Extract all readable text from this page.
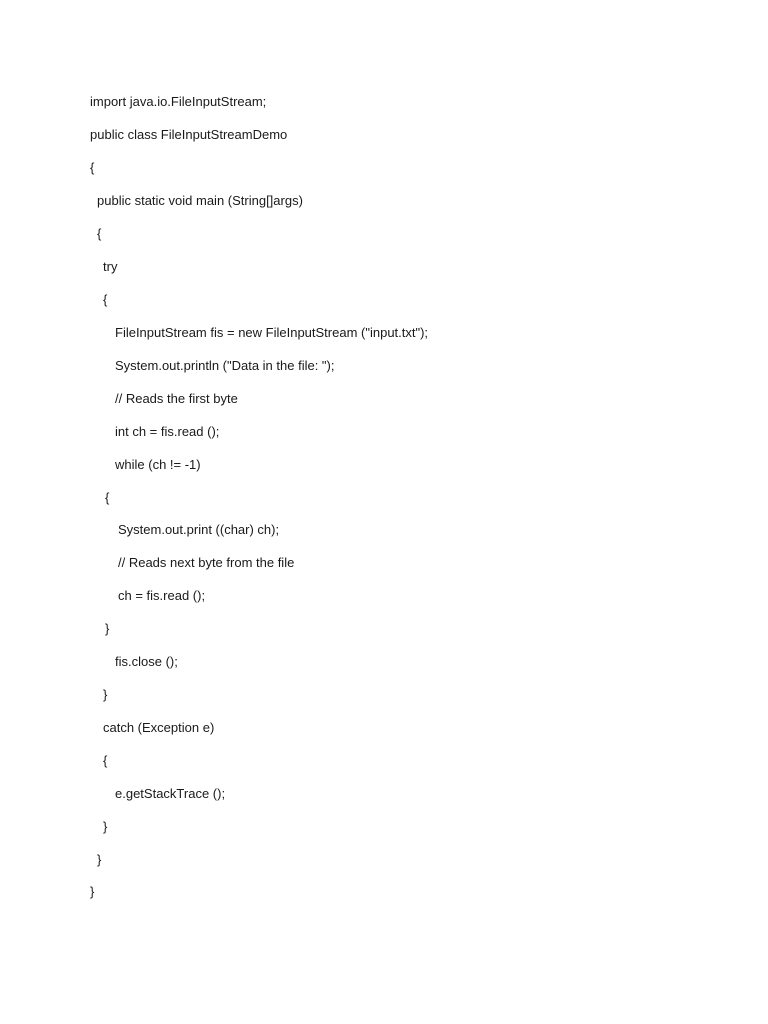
import java.io.FileInputStream;

public class FileInputStreamDemo

{

public static void main (String[]args)

{

try

{

FileInputStream fis = new FileInputStream ("input.txt");

System.out.println ("Data in the file: ");

// Reads the first byte

int ch = fis.read ();

while (ch != -1)

{

System.out.print ((char) ch);

// Reads next byte from the file

ch = fis.read ();

}

fis.close ();

}

catch (Exception e)

{

e.getStackTrace ();

}

}

}
